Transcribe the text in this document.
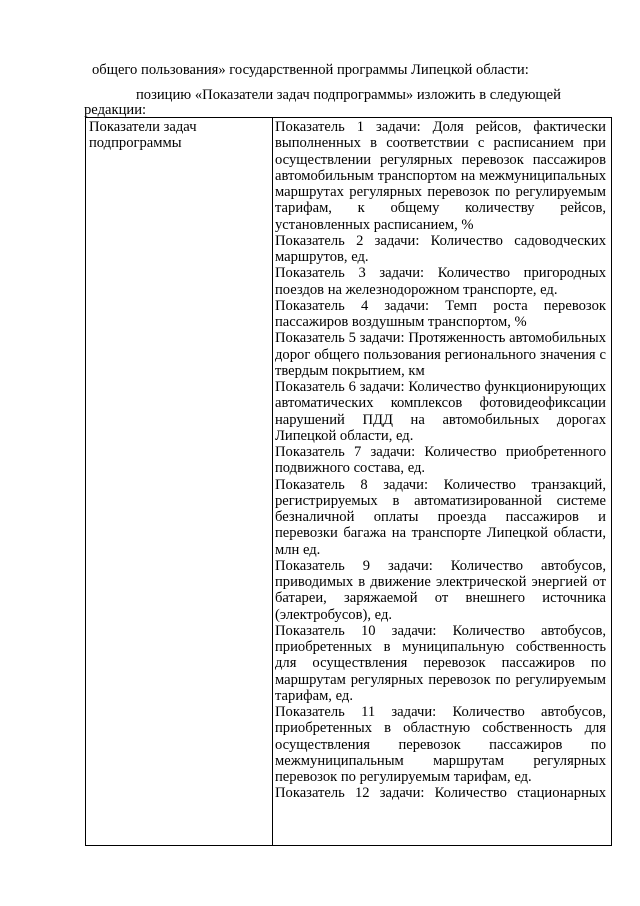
общего пользования» государственной программы Липецкой области:
позицию «Показатели задач подпрограммы» изложить в следующей
редакции:
Показатели задач подпрограммы

Показатель 1 задачи: Доля рейсов, фактически выполненных в соответствии с расписанием при осуществлении регулярных перевозок пассажиров автомобильным транспортом на межмуниципальных маршрутах регулярных перевозок по регулируемым тарифам, к общему количеству рейсов, установленных расписанием, %

Показатель 2 задачи: Количество садоводческих маршрутов, ед.

Показатель 3 задачи: Количество пригородных поездов на железнодорожном транспорте, ед.

Показатель 4 задачи: Темп роста перевозок пассажиров воздушным транспортом, %

Показатель 5 задачи: Протяженность автомобильных дорог общего пользования регионального значения с твердым покрытием, км

Показатель 6 задачи: Количество функционирующих автоматических комплексов фотовидеофиксации нарушений ПДД на автомобильных дорогах Липецкой области, ед.

Показатель 7 задачи: Количество приобретенного подвижного состава, ед.

Показатель 8 задачи: Количество транзакций, регистрируемых в автоматизированной системе безналичной оплаты проезда пассажиров и перевозки багажа на транспорте Липецкой области, млн ед.

Показатель 9 задачи: Количество автобусов, приводимых в движение электрической энергией от батареи, заряжаемой от внешнего источника (электробусов), ед.

Показатель 10 задачи: Количество автобусов, приобретенных в муниципальную собственность для осуществления перевозок пассажиров по маршрутам регулярных перевозок по регулируемым тарифам, ед.

Показатель 11 задачи: Количество автобусов, приобретенных в областную собственность для осуществления перевозок пассажиров по межмуниципальным маршрутам регулярных перевозок по регулируемым тарифам, ед.

Показатель 12 задачи: Количество стационарных
